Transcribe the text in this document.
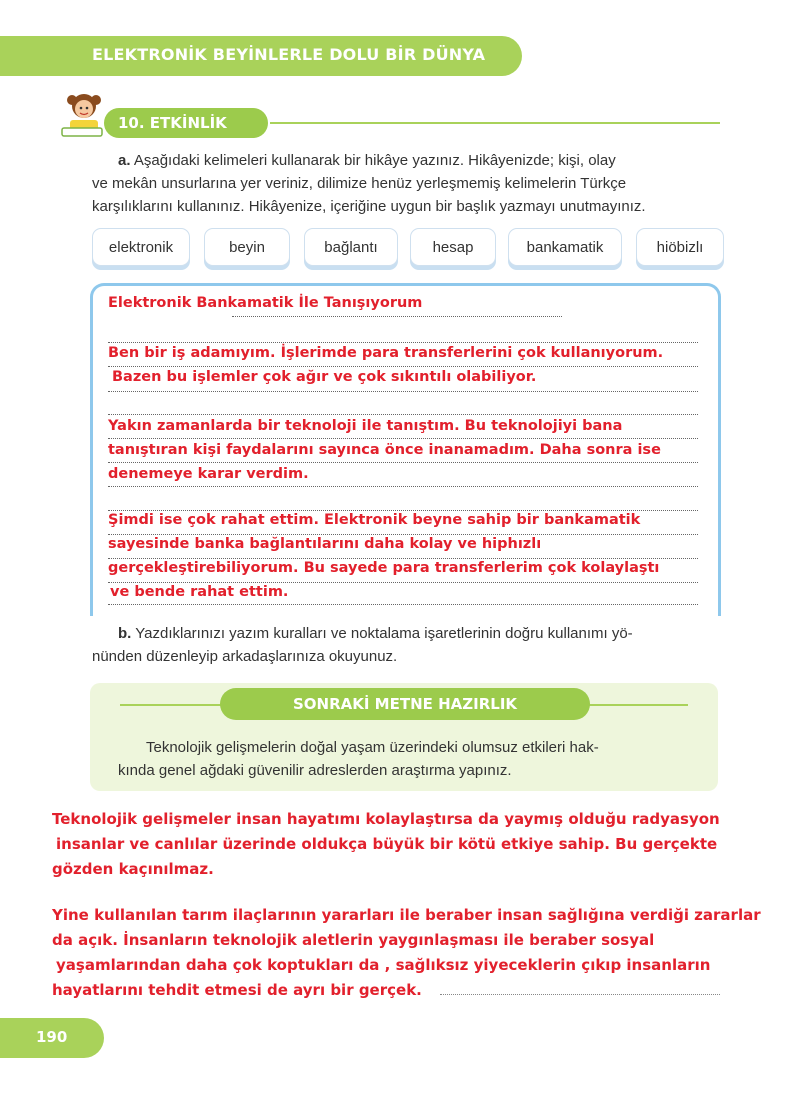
ELEKTRONİK BEYİNLERLE DOLU BİR DÜNYA
10. ETKİNLİK
a. Aşağıdaki kelimeleri kullanarak bir hikâye yazınız. Hikâyenizde; kişi, olay
ve mekân unsurlarına yer veriniz, dilimize henüz yerleşmemiş kelimelerin Türkçe
karşılıklarını kullanınız. Hikâyenize, içeriğine uygun bir başlık yazmayı unutmayınız.
elektronik	beyin	bağlantı	hesap	bankamatik	hiöbizlı
Elektronik Bankamatik İle Tanışıyorum
Ben bir iş adamıyım. İşlerimde para transferlerini çok kullanıyorum.
Bazen bu işlemler çok ağır ve çok sıkıntılı olabiliyor.
Yakın zamanlarda bir teknoloji ile tanıştım. Bu teknolojiyi bana
tanıştıran kişi faydalarını sayınca önce inanamadım. Daha sonra ise
denemeye karar verdim.
Şimdi ise çok rahat ettim. Elektronik beyne sahip bir bankamatik
sayesinde banka bağlantılarını daha kolay ve hiphızlı
gerçekleştirebiliyorum. Bu sayede para transferlerim çok kolaylaştı
ve bende rahat ettim.
b. Yazdıklarınızı yazım kuralları ve noktalama işaretlerinin doğru kullanımı yö-
nünden düzenleyip arkadaşlarınıza okuyunuz.
SONRAKİ METNE HAZIRLIK
Teknolojik gelişmelerin doğal yaşam üzerindeki olumsuz etkileri hak-
kında genel ağdaki güvenilir adreslerden araştırma yapınız.
Teknolojik gelişmeler insan hayatımı kolaylaştırsa da yaymış olduğu radyasyon
insanlar ve canlılar üzerinde oldukça büyük bir kötü etkiye sahip. Bu gerçekte
gözden kaçınılmaz.
Yine kullanılan tarım ilaçlarının yararları ile beraber insan sağlığına verdiği zararlar
da açık. İnsanların teknolojik aletlerin yaygınlaşması ile beraber sosyal
yaşamlarından daha çok koptukları da , sağlıksız yiyeceklerin çıkıp insanların
hayatlarını tehdit etmesi de ayrı bir gerçek.
190
